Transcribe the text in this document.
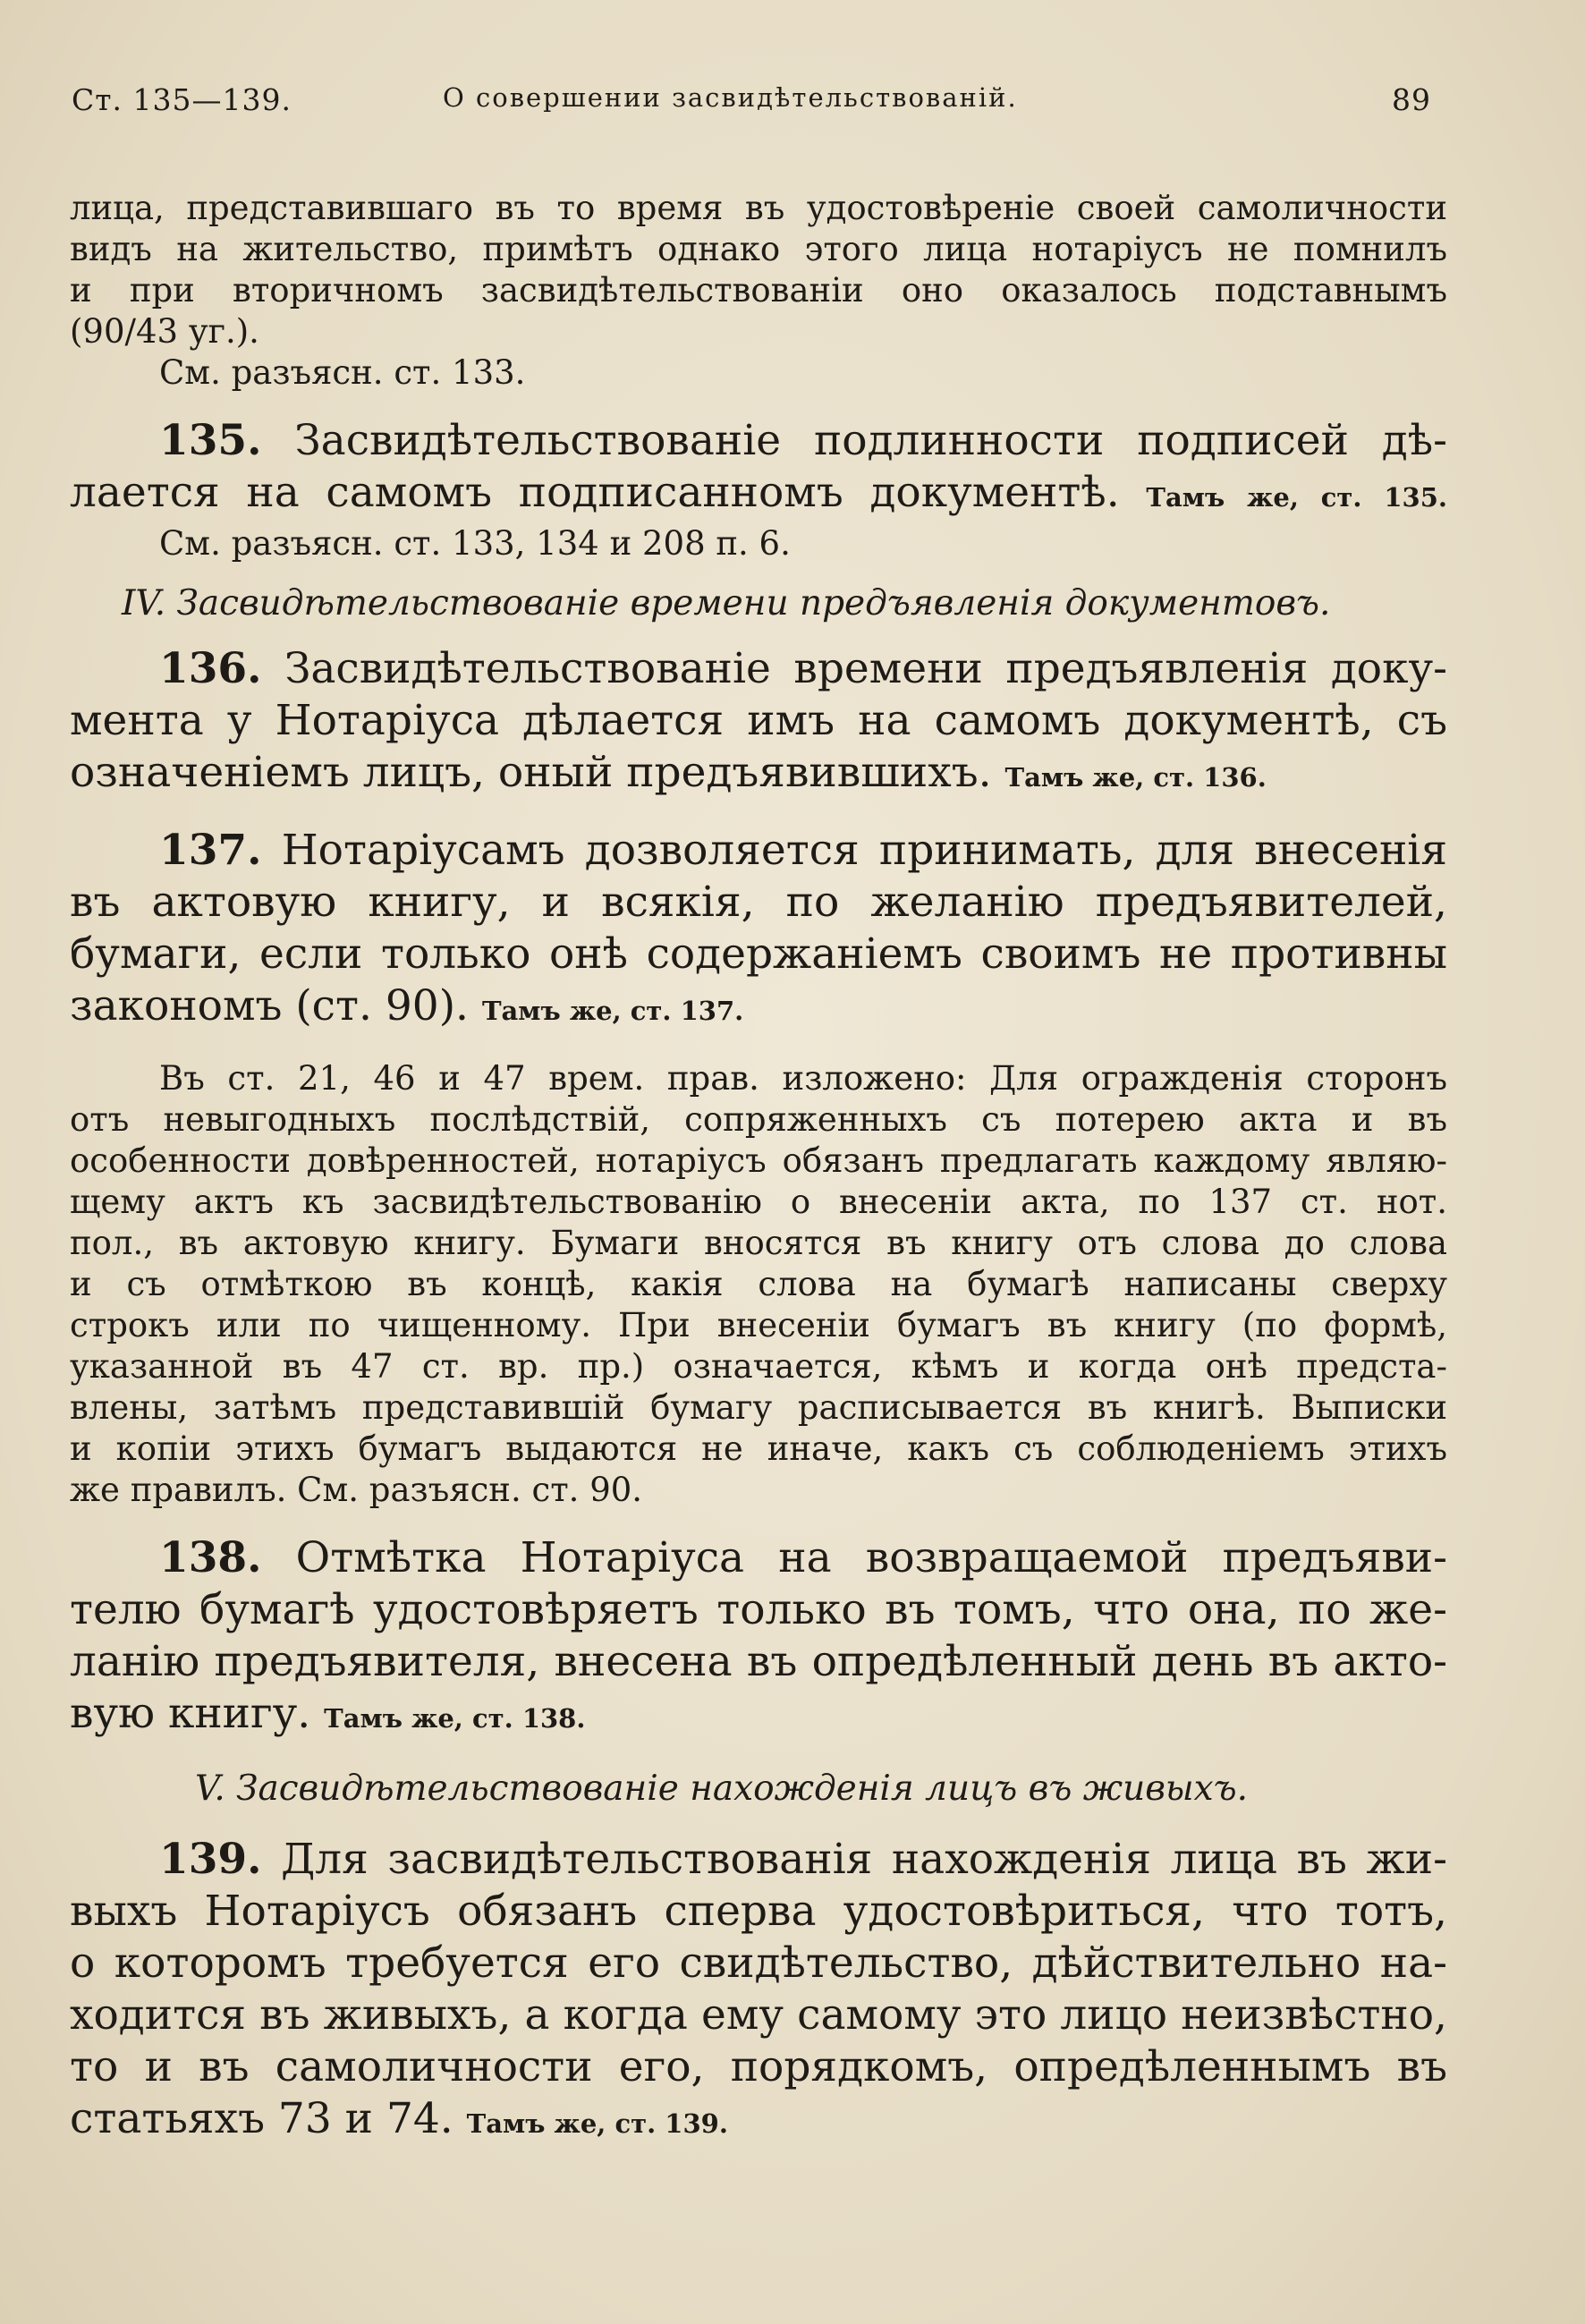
Ст. 135—139.	О совершении засвидѣтельствованій.	89
лица, представившаго въ то время въ удостовѣреніе своей самоличности
видъ на жительство, примѣтъ однако этого лица нотаріусъ не помнилъ
и при вторичномъ засвидѣтельствованіи оно оказалось подставнымъ
(90/43 уг.).
См. разъясн. ст. 133.
135. Засвидѣтельствованіе подлинности подписей дѣ-
лается на самомъ подписанномъ документѣ. Тамъ же, ст. 135.
См. разъясн. ст. 133, 134 и 208 п. 6.
IV. Засвидѣтельствованіе времени предъявленія документовъ.
136. Засвидѣтельствованіе времени предъявленія доку-
мента у Нотаріуса дѣлается имъ на самомъ документѣ, съ
означеніемъ лицъ, оный предъявившихъ. Тамъ же, ст. 136.
137. Нотаріусамъ дозволяется принимать, для внесенія
въ актовую книгу, и всякія, по желанію предъявителей,
бумаги, если только онѣ содержаніемъ своимъ не противны
закономъ (ст. 90). Тамъ же, ст. 137.
Въ ст. 21, 46 и 47 врем. прав. изложено: Для огражденія сторонъ
отъ невыгодныхъ послѣдствій, сопряженныхъ съ потерею акта и въ
особенности довѣренностей, нотаріусъ обязанъ предлагать каждому являю-
щему актъ къ засвидѣтельствованію о внесеніи акта, по 137 ст. нот.
пол., въ актовую книгу. Бумаги вносятся въ книгу отъ слова до слова
и съ отмѣткою въ концѣ, какія слова на бумагѣ написаны сверху
строкъ или по чищенному. При внесеніи бумагъ въ книгу (по формѣ,
указанной въ 47 ст. вр. пр.) означается, кѣмъ и когда онѣ предста-
влены, затѣмъ представившій бумагу расписывается въ книгѣ. Выписки
и копіи этихъ бумагъ выдаются не иначе, какъ съ соблюденіемъ этихъ
же правилъ. См. разъясн. ст. 90.
138. Отмѣтка Нотаріуса на возвращаемой предъяви-
телю бумагѣ удостовѣряетъ только въ томъ, что она, по же-
ланію предъявителя, внесена въ опредѣленный день въ акто-
вую книгу. Тамъ же, ст. 138.
V. Засвидѣтельствованіе нахожденія лицъ въ живыхъ.
139. Для засвидѣтельствованія нахожденія лица въ жи-
выхъ Нотаріусъ обязанъ сперва удостовѣриться, что тотъ,
о которомъ требуется его свидѣтельство, дѣйствительно на-
ходится въ живыхъ, а когда ему самому это лицо неизвѣстно,
то и въ самоличности его, порядкомъ, опредѣленнымъ въ
статьяхъ 73 и 74. Тамъ же, ст. 139.
